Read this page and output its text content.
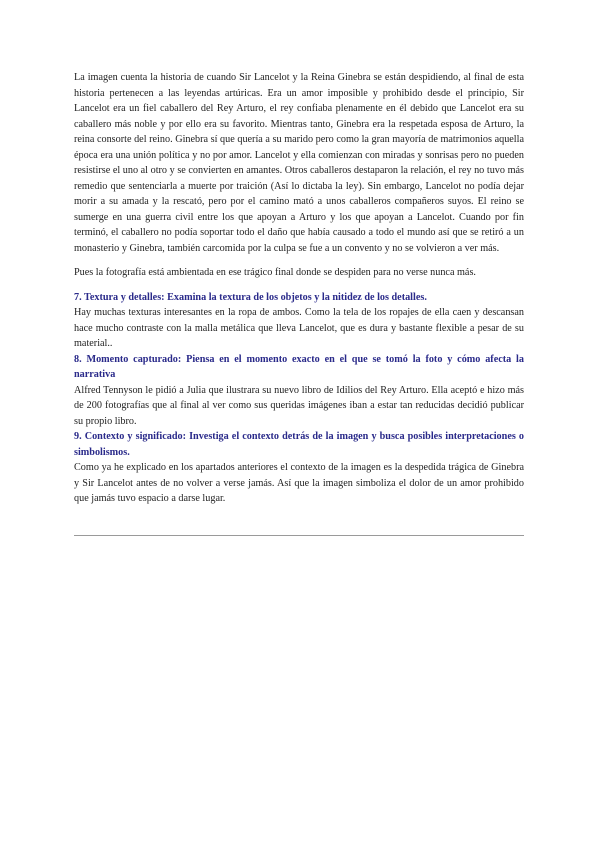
La imagen cuenta la historia de cuando Sir Lancelot y la Reina Ginebra se están despidiendo, al final de esta historia pertenecen a las leyendas artúricas. Era un amor imposible y prohibido desde el principio, Sir Lancelot era un fiel caballero del Rey Arturo, el rey confiaba plenamente en él debido que Lancelot era su caballero más noble y por ello era su favorito. Mientras tanto, Ginebra era la respetada esposa de Arturo, la reina consorte del reino. Ginebra sí que quería a su marido pero como la gran mayoría de matrimonios aquella época era una unión política y no por amor. Lancelot y ella comienzan con miradas y sonrisas pero no pueden resistirse el uno al otro y se convierten en amantes. Otros caballeros destaparon la relación, el rey no tuvo más remedio que sentenciarla a muerte por traición (Así lo dictaba la ley). Sin embargo, Lancelot no podía dejar morir a su amada y la rescató, pero por el camino mató a unos caballeros compañeros suyos. El reino se sumerge en una guerra civil entre los que apoyan a Arturo y los que apoyan a Lancelot. Cuando por fin terminó, el caballero no podía soportar todo el daño que había causado a todo el mundo así que se retiró a un monasterio y Ginebra, también carcomida por la culpa se fue a un convento y no se volvieron a ver más.

Pues la fotografía está ambientada en ese trágico final donde se despiden para no verse nunca más.

7. Textura y detalles: Examina la textura de los objetos y la nitidez de los detalles.

Hay muchas texturas interesantes en la ropa de ambos. Como la tela de los ropajes de ella caen y descansan hace mucho contraste con la malla metálica que lleva Lancelot, que es dura y bastante flexible a pesar de su material..

8. Momento capturado: Piensa en el momento exacto en el que se tomó la foto y cómo afecta la narrativa

Alfred Tennyson le pidió a Julia que ilustrara su nuevo libro de Idilios del Rey Arturo. Ella aceptó e hizo más de 200 fotografías que al final al ver como sus queridas imágenes iban a estar tan reducidas decidió publicar su propio libro.

9. Contexto y significado: Investiga el contexto detrás de la imagen y busca posibles interpretaciones o simbolismos.

Como ya he explicado en los apartados anteriores el contexto de la imagen es la despedida trágica de Ginebra y Sir Lancelot antes de no volver a verse jamás. Así que la imagen simboliza el dolor de un amor prohibido que jamás tuvo espacio a darse lugar.
